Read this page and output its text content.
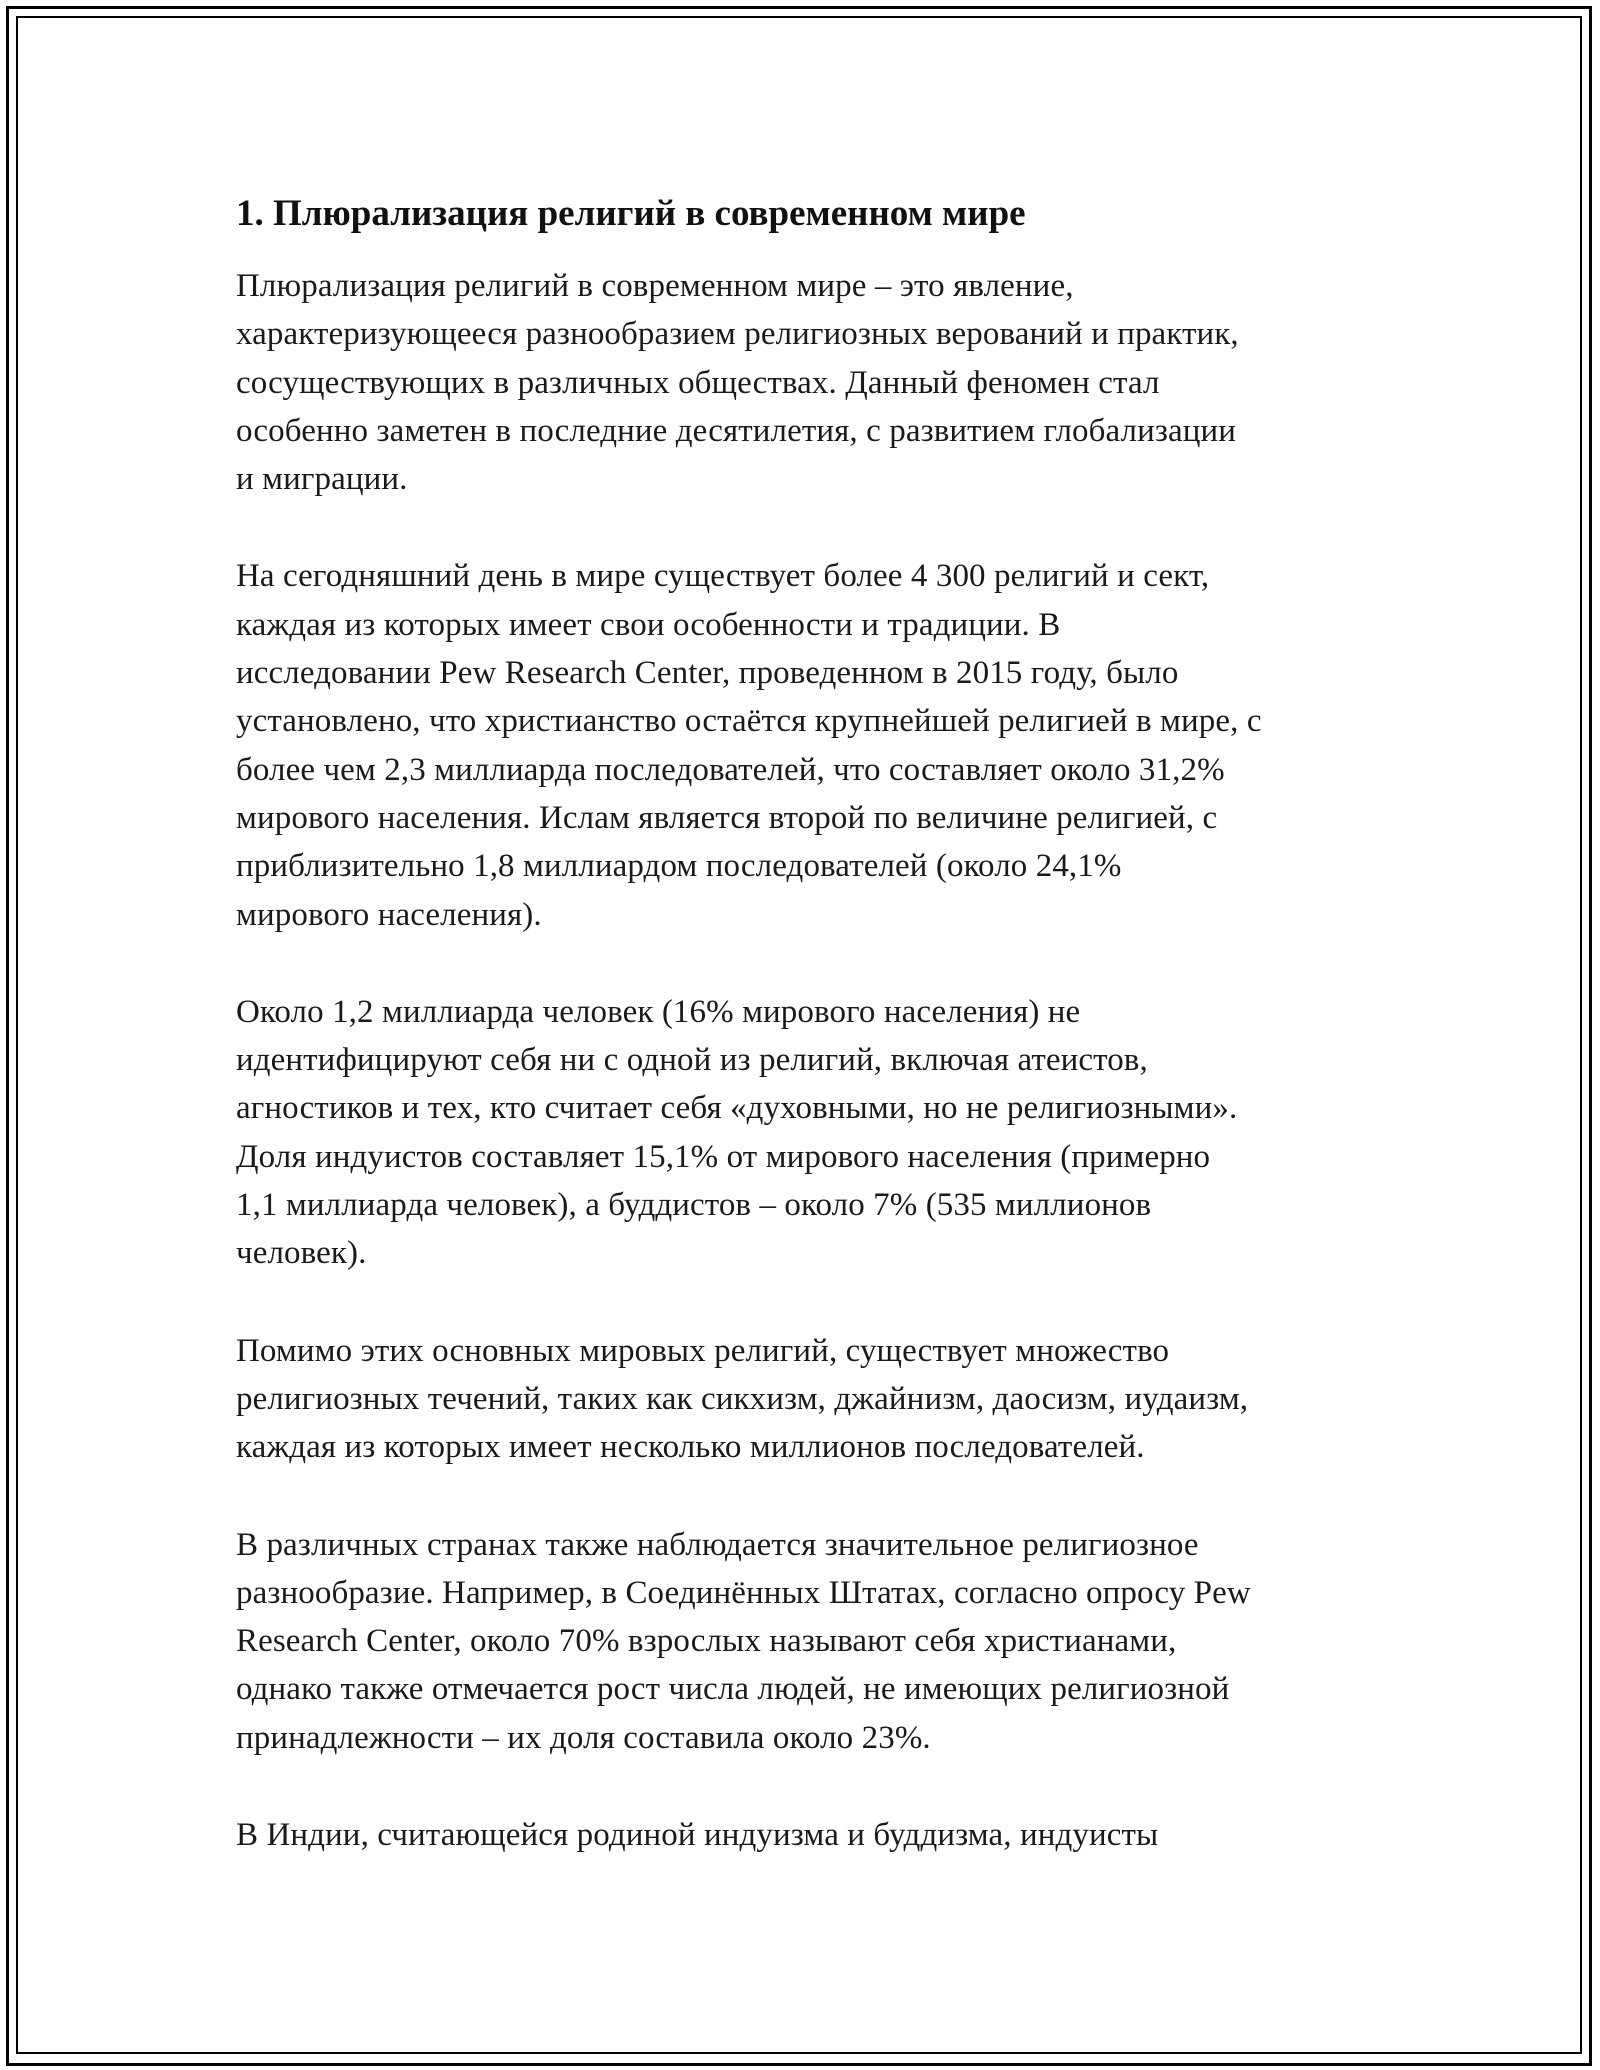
1. Плюрализация религий в современном мире

Плюрализация религий в современном мире – это явление,
характеризующееся разнообразием религиозных верований и практик,
сосуществующих в различных обществах. Данный феномен стал
особенно заметен в последние десятилетия, с развитием глобализации
и миграции.

На сегодняшний день в мире существует более 4 300 религий и сект,
каждая из которых имеет свои особенности и традиции. В
исследовании Pew Research Center, проведенном в 2015 году, было
установлено, что христианство остаётся крупнейшей религией в мире, с
более чем 2,3 миллиарда последователей, что составляет около 31,2%
мирового населения. Ислам является второй по величине религией, с
приблизительно 1,8 миллиардом последователей (около 24,1%
мирового населения).

Около 1,2 миллиарда человек (16% мирового населения) не
идентифицируют себя ни с одной из религий, включая атеистов,
агностиков и тех, кто считает себя «духовными, но не религиозными».
Доля индуистов составляет 15,1% от мирового населения (примерно
1,1 миллиарда человек), а буддистов – около 7% (535 миллионов
человек).

Помимо этих основных мировых религий, существует множество
религиозных течений, таких как сикхизм, джайнизм, даосизм, иудаизм,
каждая из которых имеет несколько миллионов последователей.

В различных странах также наблюдается значительное религиозное
разнообразие. Например, в Соединённых Штатах, согласно опросу Pew
Research Center, около 70% взрослых называют себя христианами,
однако также отмечается рост числа людей, не имеющих религиозной
принадлежности – их доля составила около 23%.

В Индии, считающейся родиной индуизма и буддизма, индуисты
